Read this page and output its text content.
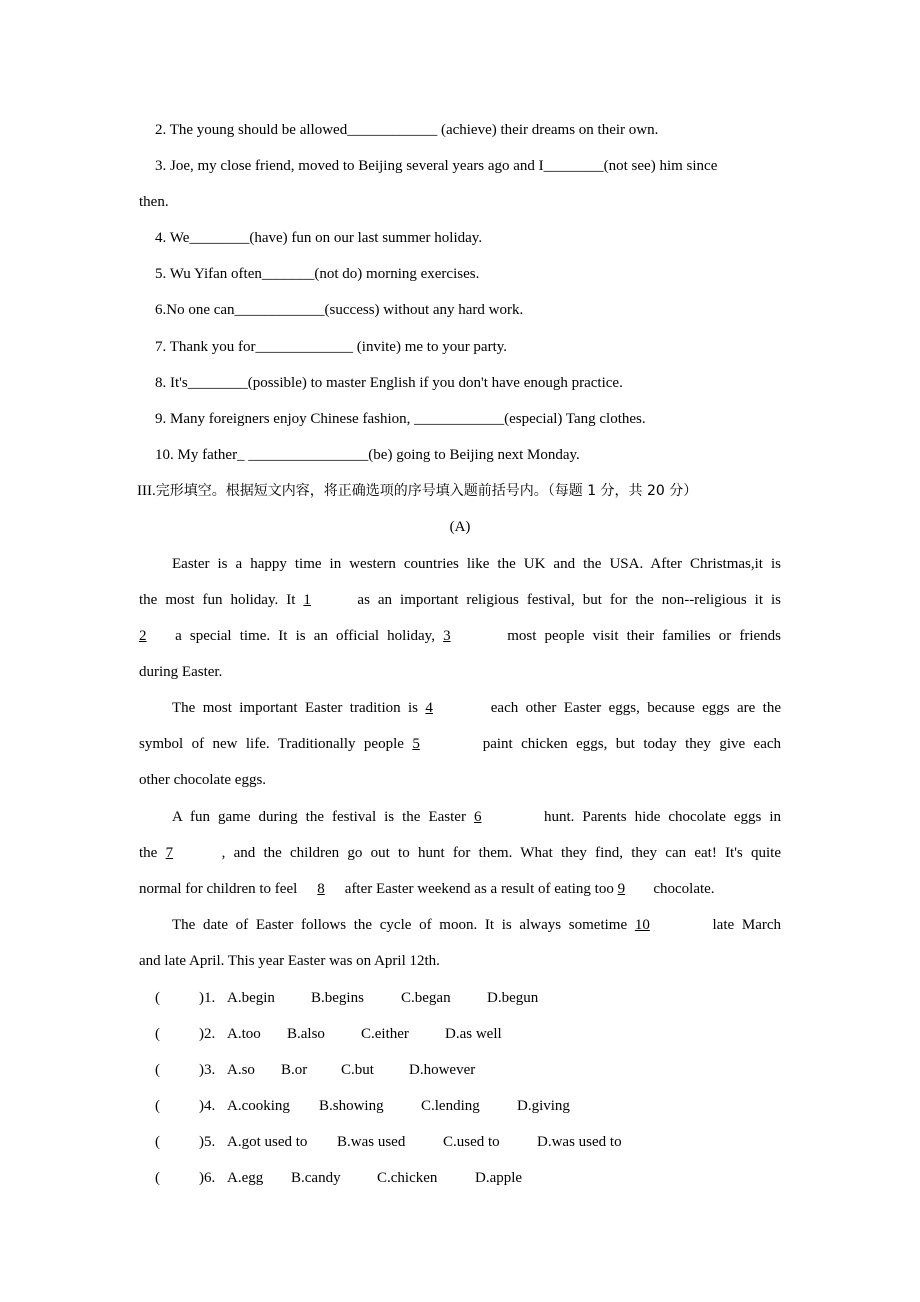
2. The young should be allowed____________ (achieve) their dreams on their own.
3. Joe, my close friend, moved to Beijing several years ago and I________(not see) him since
then.
4. We________(have) fun on our last summer holiday.
5. Wu Yifan often_______(not do) morning exercises.
6.No one can____________(success) without any hard work.
7. Thank you for_____________ (invite) me to your party.
8. It's________(possible) to master English if you don't have enough practice.
9. Many foreigners enjoy Chinese fashion, ____________(especial) Tang clothes.
10. My father_ ________________(be) going to Beijing next Monday.
III.完形填空。根据短文内容，将正确选项的序号填入题前括号内。（每题 1 分，共 20 分）
(A)
Easter is a happy time in western countries like the UK and the USA. After Christmas,it is
the most fun holiday. It 1	as an important religious festival, but for the non--religious it is
2 a special time. It is an official holiday, 3	most people visit their families or friends
during Easter.
The most important Easter tradition is 4	each other Easter eggs, because eggs are the
symbol of new life. Traditionally people 5	paint chicken eggs, but today they give each
other chocolate eggs.
A fun game during the festival is the Easter 6	hunt. Parents hide chocolate eggs in
the 7	, and the children go out to hunt for them. What they find, they can eat! It's quite
normal for children to feel 8 after Easter weekend as a result of eating too 9 chocolate.
The date of Easter follows the cycle of moon. It is always sometime 10	late March
and late April. This year Easter was on April 12th.
(	)1. A.begin B.begins C.began D.begun
(	)2. A.too B.also C.either D.as well
(	)3. A.so B.or C.but D.however
(	)4. A.cooking B.showing C.lending D.giving
(	)5. A.got used to B.was used	C.used to D.was used to
(	)6. A.egg B.candy C.chicken	D.apple
